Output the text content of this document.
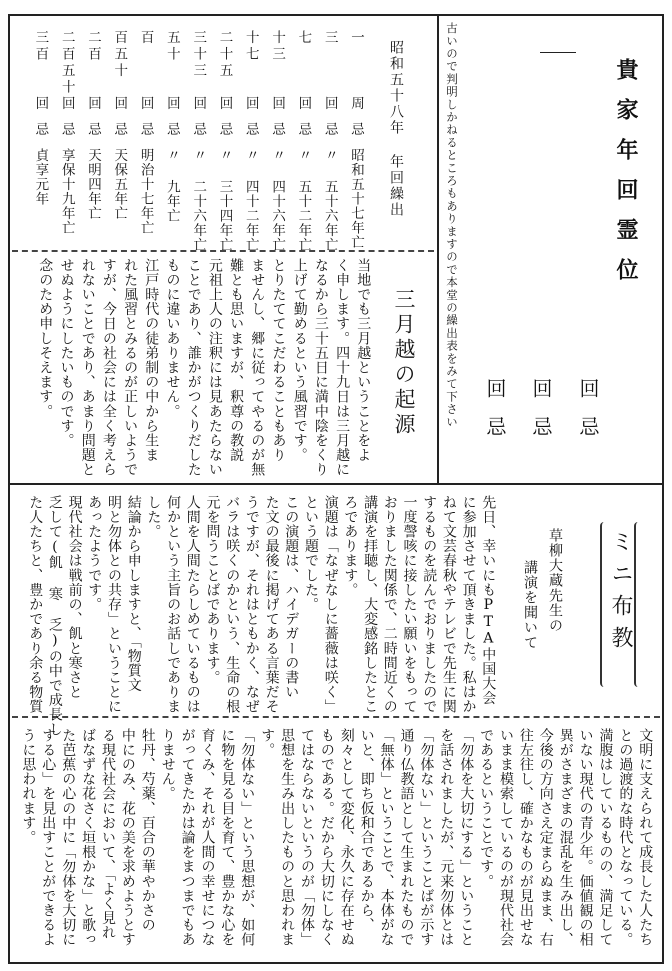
貴家年回霊位
回忌
回忌
回忌
古いので判明しかねるところもありますので本堂の繰出表をみて下さい
昭和五十八年 年回繰出
一
周
忌
昭和五十七年亡
三
回
忌
〃 五十六年亡
七
回
忌
〃 五十二年亡
十三
回
忌
〃 四十六年亡
十七
回
忌
〃 四十二年亡
二十五
回
忌
〃 三十四年亡
三十三
回
忌
〃 二十六年亡
五十
回
忌
〃 九年亡
百
回
忌
明治十七年亡
百五十
回
忌
天保五年亡
二百
回
忌
天明四年亡
二百五十
回
忌
享保十九年亡
三百
回
忌
貞享元年
三月越の起源
当地でも三月越ということをよ
く申します。四十九日は三月越に
なるから三十五日に満中陰をくり
上げて勤めるという風習です。
とりたててこだわることもあり
ませんし、郷に従ってやるのが無
難とも思いますが、釈尊の教説
元祖上人の注釈には見あたらない
ことであり、誰かがつくりだした
ものに違いありません。
江戸時代の徒弟制の中から生ま
れた風習とみるのが正しいようで
すが、今日の社会には全く考えら
れないことであり、あまり問題と
せぬようにしたいものです。
念のため申しそえます。
ミニ布教
草柳大蔵先生の
講演を聞いて
先日、幸いにもPTA中国大会
に参加させて頂きました。私はか
ねて文芸春秋やテレビで先生に関
するものを読んでおりましたので
一度謦咳に接したい願いをもって
おりました関係で、二時間近くの
講演を拝聴し、大変感銘したとこ
ろであります。
演題は「なぜなしに薔薇は咲く」
という題でした。
この演題は、ハイデガーの書い
た文の最後に掲げてある言葉だそ
うですが、それはともかく、なぜ
バラは咲くのかという、生命の根
元を問うことばであります。
人間を人間たらしめているものは
何かという主旨のお話しでありま
した。
結論から申しますと、「物質文
明と勿体との共存」ということに
あったようです。
現代社会は戦前の、飢と寒さと
乏して(飢 寒 乏)の中で成長し
た人たちと、豊かであり余る物質
文明に支えられて成長した人たち
との過渡的な時代となっている。
満腹はしているものの、満足して
いない現代の青少年。価値観の相
異がさまざまの混乱を生み出し、
今後の方向さえ定まらぬまま、右
往左往し、確かなものが見出せな
いまま模索しているのが現代社会
であるということです。
「勿体を大切にする」ということ
を話されましたが、元来勿体とは
「勿体ない」ということばが示す
通り仏教語として生まれたもので
「無体」ということで、本体がな
いと、即ち仮和合であるから、
刻々として変化、永久に存在せぬ
ものである。だから大切にしなく
てはならないというのが「勿体」
思想を生み出したものと思われま
す。
「勿体ない」という思想が、如何
に物を見る目を育て、豊かな心を
育くみ、それが人間の幸せにつな
がってきたかは論をまつまでもあ
りません。
牡丹、芍薬、百合の華やかさの
中にのみ、花の美を求めようとす
る現代社会において、「よく見れ
ばなずな花さく垣根かな」と歌っ
た芭蕉の心の中に「勿体を大切に
する心」を見出すことができるよ
うに思われます。
